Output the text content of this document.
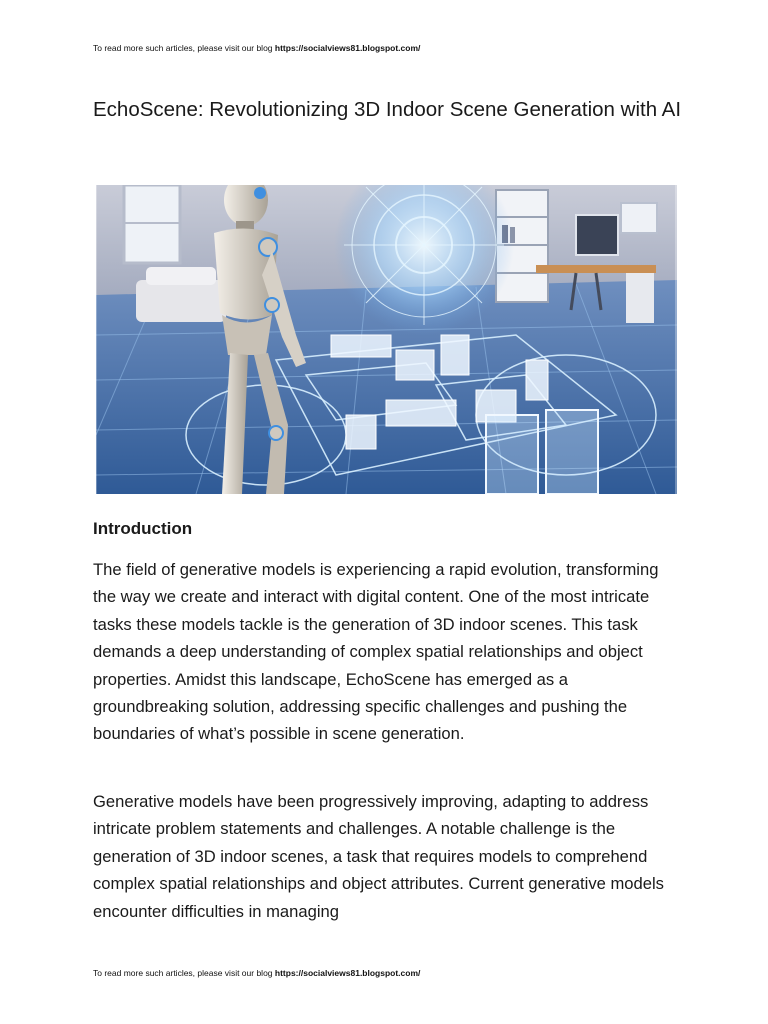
To read more such articles, please visit our blog https://socialviews81.blogspot.com/
EchoScene: Revolutionizing 3D Indoor Scene Generation with AI
Introduction

The field of generative models is experiencing a rapid evolution, transforming the way we create and interact with digital content. One of the most intricate tasks these models tackle is the generation of 3D indoor scenes. This task demands a deep understanding of complex spatial relationships and object properties. Amidst this landscape, EchoScene has emerged as a groundbreaking solution, addressing specific challenges and pushing the boundaries of what’s possible in scene generation.

Generative models have been progressively improving, adapting to address intricate problem statements and challenges. A notable challenge is the generation of 3D indoor scenes, a task that requires models to comprehend complex spatial relationships and object attributes. Current generative models encounter difficulties in managing

To read more such articles, please visit our blog https://socialviews81.blogspot.com/
